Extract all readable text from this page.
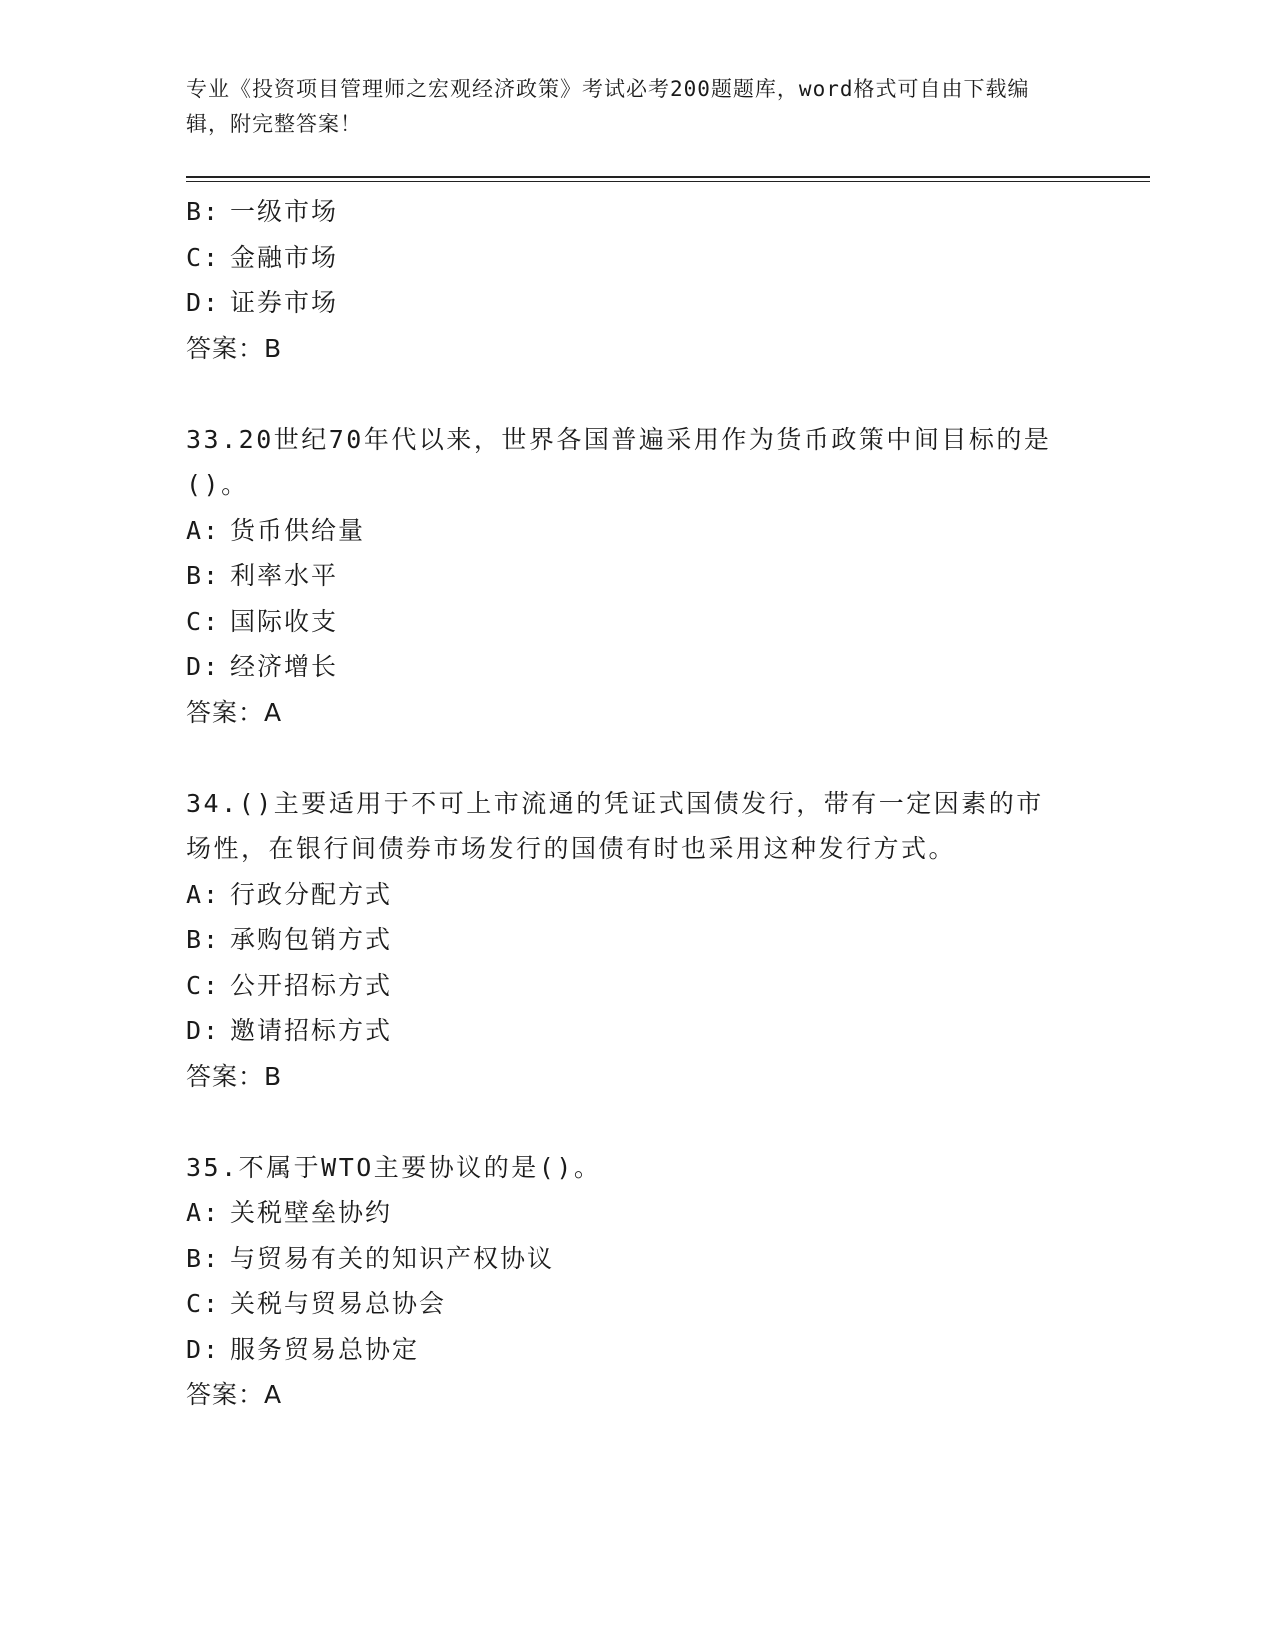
专业《投资项目管理师之宏观经济政策》考试必考200题题库，word格式可自由下载编辑，附完整答案！
B: 一级市场
C: 金融市场
D: 证券市场
答案：B
33.20世纪70年代以来，世界各国普遍采用作为货币政策中间目标的是()。
A: 货币供给量
B: 利率水平
C: 国际收支
D: 经济增长
答案：A
34.()主要适用于不可上市流通的凭证式国债发行，带有一定因素的市场性，在银行间债券市场发行的国债有时也采用这种发行方式。
A: 行政分配方式
B: 承购包销方式
C: 公开招标方式
D: 邀请招标方式
答案：B
35.不属于WTO主要协议的是()。
A: 关税壁垒协约
B: 与贸易有关的知识产权协议
C: 关税与贸易总协会
D: 服务贸易总协定
答案：A
